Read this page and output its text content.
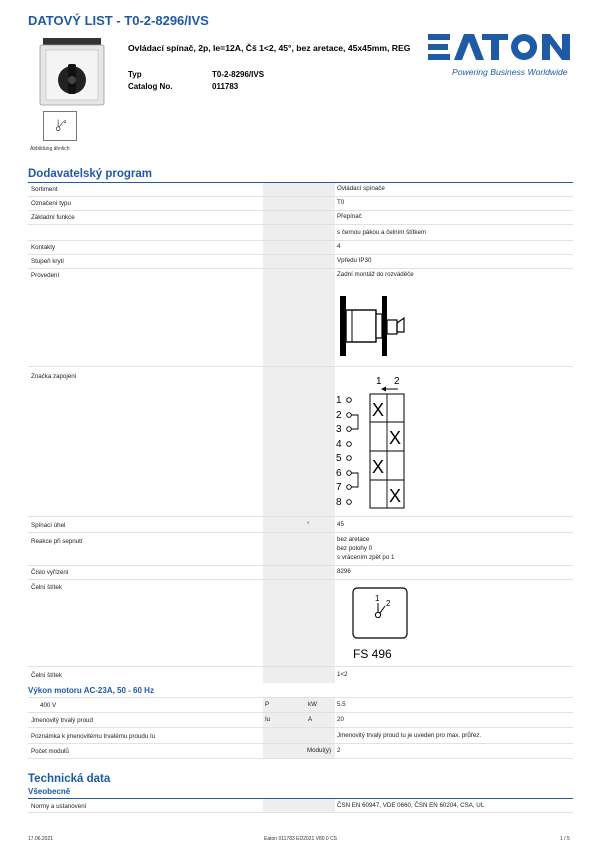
DATOVÝ LIST - T0-2-8296/IVS
Ovládací spínač, 2p, Ie=12A, Čš 1<2, 45°, bez aretace, 45x45mm, REG
Typ	T0-2-8296/IVS
Catalog No.	011783
Powering Business Worldwide
2
Abbildung ähnlich
Dodavatelský program
Sortiment	Ovládací spínače
Označení typu	T0
Základní funkce	Přepínač
s černou pákou a čelním štítkem
Kontakty	4
Stupeň krytí	Vpředu IP30
Provedení	Zadní montáž do rozváděče
Značka zapojení	1 2
1
2
3
4
5
6
7
8
X
X
X
X
Spínací úhel	°	45
Reakce při sepnutí	bez aretace
bez polohy 0
s vrácením zpět po 1
Číslo vyřízení	8296
Čelní štítek
1
2
FS 496
Čelní štítek	1<2
Výkon motoru AC-23A, 50 - 60 Hz
400 V	P	kW	5.5
Jmenovitý trvalý proud	Iu	A	20
Poznámka k jmenovitému trvalému proudu Iu	Jmenovitý trvalý proud Iu je uveden pro max. průřez.
Počet modulů	Modul(y) 2
Technická data
Všeobecně
Normy a ustanovení	ČSN EN 60947, VDE 0660, ČSN EN 60204, CSA, UL
17.06.2021	Eaton 011783 ED2021 V80.0 CS	1 / 5
